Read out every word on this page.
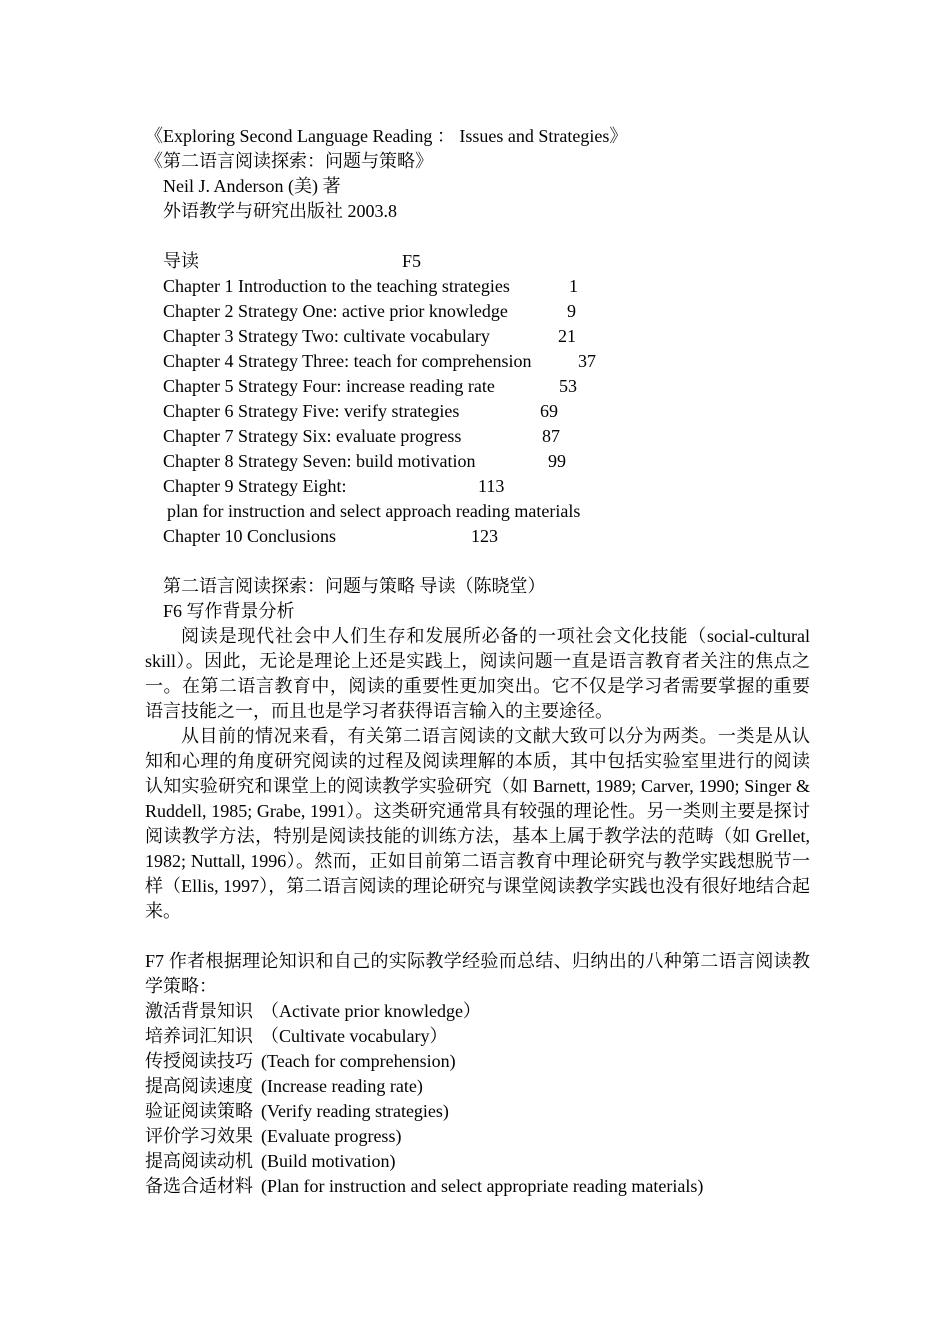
《Exploring Second Language Reading ： Issues and Strategies》
《第二语言阅读探索：问题与策略》
Neil J. Anderson (美) 著
外语教学与研究出版社 2003.8
导读	F5
Chapter 1 Introduction to the teaching strategies	1
Chapter 2 Strategy One: active prior knowledge	9
Chapter 3 Strategy Two: cultivate vocabulary	21
Chapter 4 Strategy Three: teach for comprehension	37
Chapter 5 Strategy Four: increase reading rate	53
Chapter 6 Strategy Five: verify strategies	69
Chapter 7 Strategy Six: evaluate progress	87
Chapter 8 Strategy Seven: build motivation	99
Chapter 9 Strategy Eight:	113
plan for instruction and select approach reading materials
Chapter 10 Conclusions	123
第二语言阅读探索：问题与策略 导读（陈晓堂）
F6 写作背景分析

阅读是现代社会中人们生存和发展所必备的一项社会文化技能（social-cultural skill）。因此，无论是理论上还是实践上，阅读问题一直是语言教育者关注的焦点之一。在第二语言教育中，阅读的重要性更加突出。它不仅是学习者需要掌握的重要语言技能之一，而且也是学习者获得语言输入的主要途径。

从目前的情况来看，有关第二语言阅读的文献大致可以分为两类。一类是从认知和心理的角度研究阅读的过程及阅读理解的本质，其中包括实验室里进行的阅读认知实验研究和课堂上的阅读教学实验研究（如 Barnett, 1989; Carver, 1990; Singer & Ruddell, 1985; Grabe, 1991）。这类研究通常具有较强的理论性。另一类则主要是探讨阅读教学方法，特别是阅读技能的训练方法，基本上属于教学法的范畴（如 Grellet, 1982; Nuttall, 1996）。然而，正如目前第二语言教育中理论研究与教学实践想脱节一样（Ellis, 1997），第二语言阅读的理论研究与课堂阅读教学实践也没有很好地结合起来。

F7 作者根据理论知识和自己的实际教学经验而总结、归纳出的八种第二语言阅读教学策略：

激活背景知识 （Activate prior knowledge）
培养词汇知识 （Cultivate vocabulary）
传授阅读技巧 (Teach for comprehension)
提高阅读速度 (Increase reading rate)
验证阅读策略 (Verify reading strategies)
评价学习效果 (Evaluate progress)
提高阅读动机 (Build motivation)
备选合适材料 (Plan for instruction and select appropriate reading materials)
